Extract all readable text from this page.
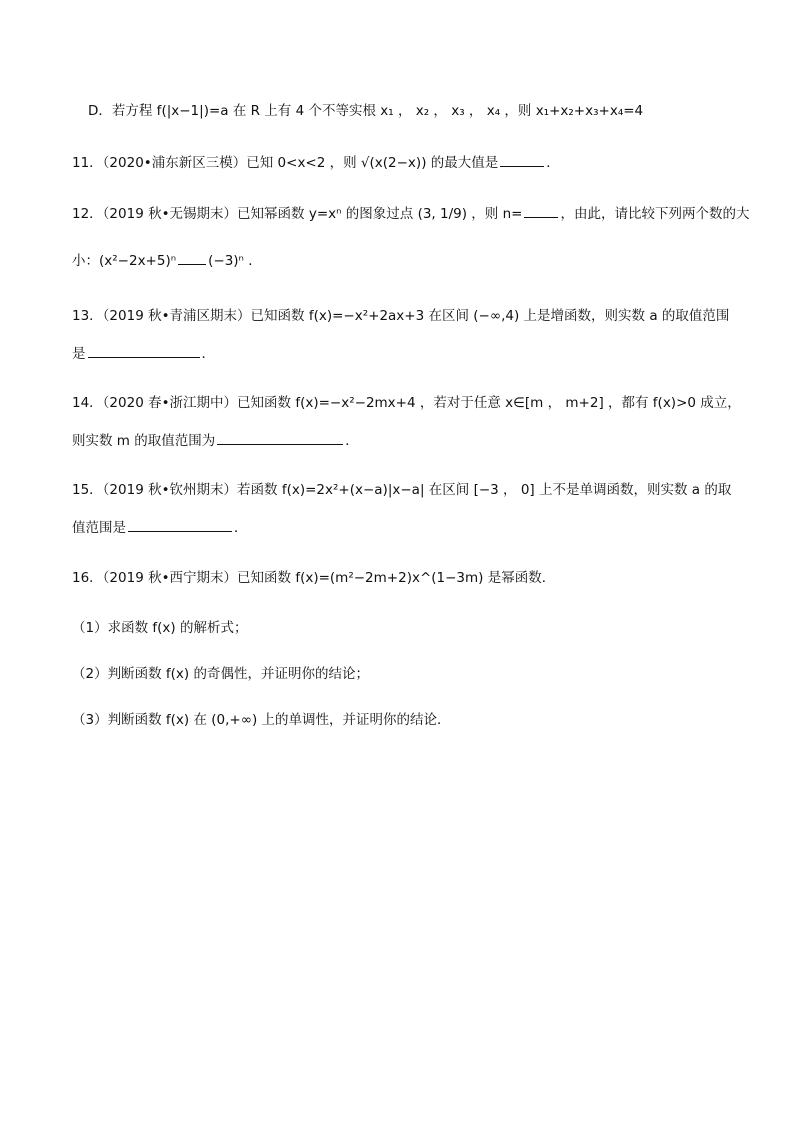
D．若方程 f(|x−1|)=a 在 R 上有 4 个不等实根 x₁ ， x₂ ， x₃ ， x₄ ，则 x₁+x₂+x₃+x₄=4
11．（2020•浦东新区三模）已知 0<x<2 ，则 √(x(2−x)) 的最大值是	．
12．（2019 秋•无锡期末）已知幂函数 y=xⁿ 的图象过点 (3, 1/9) ，则 n=	，由此，请比较下列两个数的大
小：(x²−2x+5)ⁿ (−3)ⁿ ．
13．（2019 秋•青浦区期末）已知函数 f(x)=−x²+2ax+3 在区间 (−∞,4) 上是增函数，则实数 a 的取值范围
是	．
14．（2020 春•浙江期中）已知函数 f(x)=−x²−2mx+4 ，若对于任意 x∈[m ， m+2] ，都有 f(x)>0 成立，
则实数 m 的取值范围为	．
15．（2019 秋•钦州期末）若函数 f(x)=2x²+(x−a)|x−a| 在区间 [−3 ， 0] 上不是单调函数，则实数 a 的取
值范围是	．
16．（2019 秋•西宁期末）已知函数 f(x)=(m²−2m+2)x^(1−3m) 是幂函数．
（1）求函数 f(x) 的解析式；
（2）判断函数 f(x) 的奇偶性，并证明你的结论；
（3）判断函数 f(x) 在 (0,+∞) 上的单调性，并证明你的结论．
